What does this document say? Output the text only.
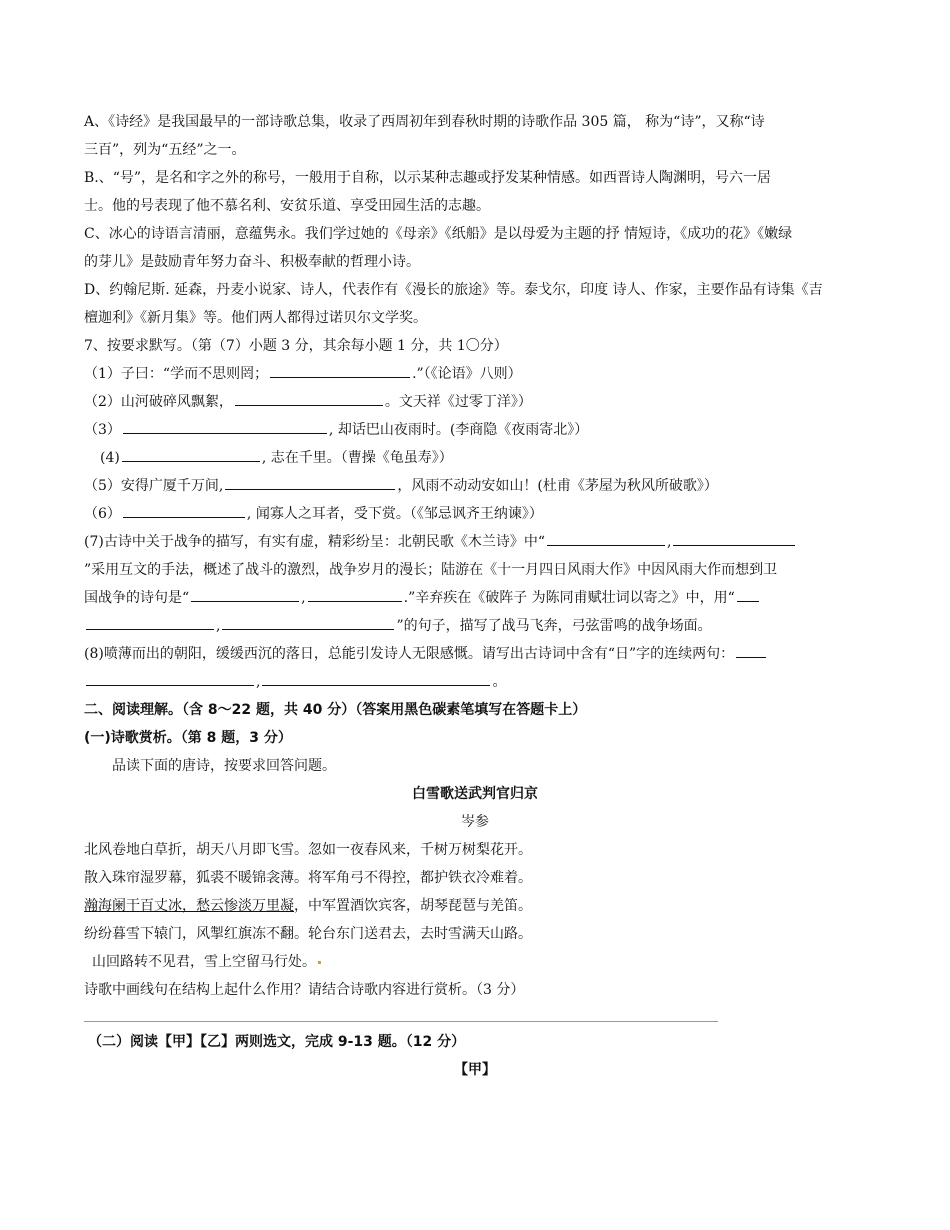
A、《诗经》是我国最早的一部诗歌总集，收录了西周初年到春秋时期的诗歌作品 305 篇， 称为“诗”，又称“诗
三百”，列为“五经”之一。
B.、“号”，是名和字之外的称号，一般用于自称，以示某种志趣或抒发某种情感。如西晋诗人陶渊明，号六一居
士。他的号表现了他不慕名利、安贫乐道、享受田园生活的志趣。
C、冰心的诗语言清丽，意蕴隽永。我们学过她的《母亲》《纸船》是以母爱为主题的抒 情短诗，《成功的花》《嫩绿
的芽儿》是鼓励青年努力奋斗、积极奉献的哲理小诗。
D、约翰尼斯. 延森，丹麦小说家、诗人，代表作有《漫长的旅途》等。泰戈尔，印度 诗人、作家，主要作品有诗集《吉
檀迦利》《新月集》等。他们两人都得过诺贝尔文学奖。
7、按要求默写。（第（7）小题 3 分，其余每小题 1 分，共 1〇分）
（1）子曰：“学而不思则罔；	.”（《论语》八则）
（2）山河破碎风飘絮，	。文天祥《过零丁洋》）
（3）	, 却话巴山夜雨时。(李商隐《夜雨寄北》）
(4)	, 志在千里。（曹操《龟虽寿》）
（5）安得广厦千万间,	，风雨不动动安如山！(杜甫《茅屋为秋风所破歌》）
（6）	, 闻寡人之耳者，受下赏。（《邹忌讽齐王纳谏》）
(7)古诗中关于战争的描写，有实有虚，精彩纷呈：北朝民歌《木兰诗》中“	,
”采用互文的手法，概述了战斗的激烈，战争岁月的漫长；陆游在《十一月四日风雨大作》中因风雨大作而想到卫
国战争的诗句是“	,	.”辛弃疾在《破阵子 为陈同甫赋壮词以寄之》中，用“
,	”的句子，描写了战马飞奔，弓弦雷鸣的战争场面。
(8)喷薄而出的朝阳，缓缓西沉的落日，总能引发诗人无限感慨。请写出古诗词中含有“日”字的连续两句：
,	。
二、阅读理解。（含 8～22 题，共 40 分）（答案用黑色碳素笔填写在答题卡上）
(一)诗歌赏析。（第 8 题，3 分）
品读下面的唐诗，按要求回答问题。
白雪歌送武判官归京
岑参
北风卷地白草折，胡天八月即飞雪。忽如一夜春风来，千树万树梨花开。
散入珠帘湿罗幕，狐裘不暖锦衾薄。将军角弓不得控，都护铁衣冷难着。
瀚海阑干百丈冰，愁云惨淡万里凝，中军置酒饮宾客，胡琴琵琶与羌笛。
纷纷暮雪下辕门，风掣红旗冻不翻。轮台东门送君去，去时雪满天山路。
山回路转不见君，雪上空留马行处。
诗歌中画线句在结构上起什么作用？请结合诗歌内容进行赏析。（3 分）
（二）阅读【甲】【乙】两则选文，完成 9-13 题。（12 分）
【甲】
